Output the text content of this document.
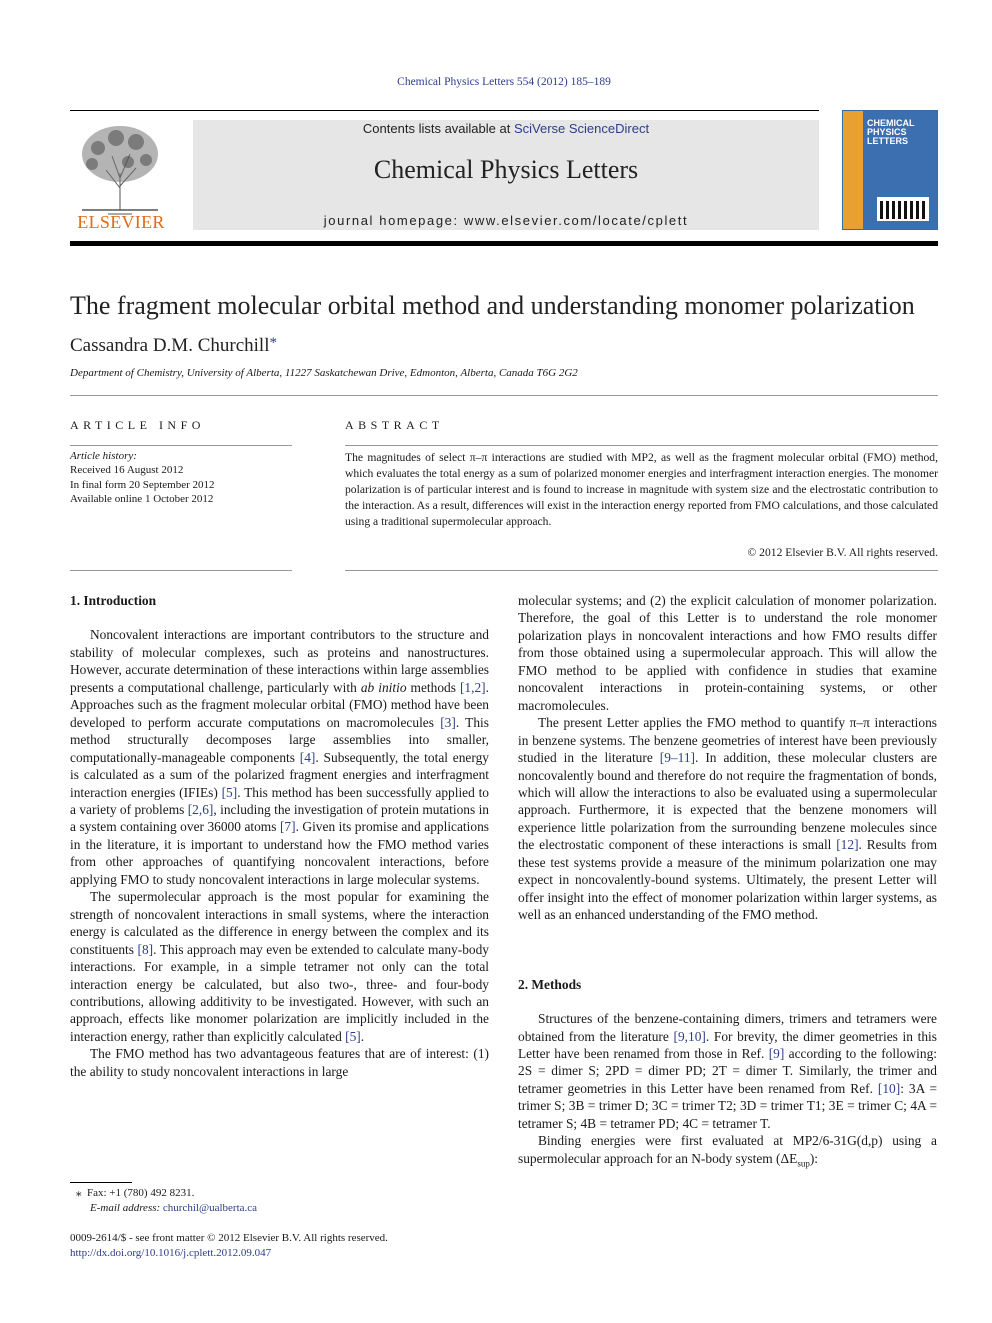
Chemical Physics Letters 554 (2012) 185–189
ELSEVIER
Contents lists available at SciVerse ScienceDirect
Chemical Physics Letters
journal homepage: www.elsevier.com/locate/cplett
CHEMICAL
PHYSICS
LETTERS
The fragment molecular orbital method and understanding monomer polarization
Cassandra D.M. Churchill*
Department of Chemistry, University of Alberta, 11227 Saskatchewan Drive, Edmonton, Alberta, Canada T6G 2G2
ARTICLE INFO	ABSTRACT
Article history:
Received 16 August 2012
In final form 20 September 2012
Available online 1 October 2012
The magnitudes of select π–π interactions are studied with MP2, as well as the fragment molecular orbital (FMO) method, which evaluates the total energy as a sum of polarized monomer energies and interfragment interaction energies. The monomer polarization is of particular interest and is found to increase in magnitude with system size and the electrostatic contribution to the interaction. As a result, differences will exist in the interaction energy reported from FMO calculations, and those calculated using a traditional supermolecular approach.
© 2012 Elsevier B.V. All rights reserved.

1. Introduction

Noncovalent interactions are important contributors to the structure and stability of molecular complexes, such as proteins and nanostructures. However, accurate determination of these interactions within large assemblies presents a computational challenge, particularly with ab initio methods [1,2]. Approaches such as the fragment molecular orbital (FMO) method have been developed to perform accurate computations on macromolecules [3]. This method structurally decomposes large assemblies into smaller, computationally-manageable components [4]. Subsequently, the total energy is calculated as a sum of the polarized fragment energies and interfragment interaction energies (IFIEs) [5]. This method has been successfully applied to a variety of problems [2,6], including the investigation of protein mutations in a system containing over 36000 atoms [7]. Given its promise and applications in the literature, it is important to understand how the FMO method varies from other approaches of quantifying noncovalent interactions, before applying FMO to study noncovalent interactions in large molecular systems.

The supermolecular approach is the most popular for examining the strength of noncovalent interactions in small systems, where the interaction energy is calculated as the difference in energy between the complex and its constituents [8]. This approach may even be extended to calculate many-body interactions. For example, in a simple tetramer not only can the total interaction energy be calculated, but also two-, three- and four-body contributions, allowing additivity to be investigated. However, with such an approach, effects like monomer polarization are implicitly included in the interaction energy, rather than explicitly calculated [5].

The FMO method has two advantageous features that are of interest: (1) the ability to study noncovalent interactions in large

molecular systems; and (2) the explicit calculation of monomer polarization. Therefore, the goal of this Letter is to understand the role monomer polarization plays in noncovalent interactions and how FMO results differ from those obtained using a supermolecular approach. This will allow the FMO method to be applied with confidence in studies that examine noncovalent interactions in protein-containing systems, or other macromolecules.

The present Letter applies the FMO method to quantify π–π interactions in benzene systems. The benzene geometries of interest have been previously studied in the literature [9–11]. In addition, these molecular clusters are noncovalently bound and therefore do not require the fragmentation of bonds, which will allow the interactions to also be evaluated using a supermolecular approach. Furthermore, it is expected that the benzene monomers will experience little polarization from the surrounding benzene molecules since the electrostatic component of these interactions is small [12]. Results from these test systems provide a measure of the minimum polarization one may expect in noncovalently-bound systems. Ultimately, the present Letter will offer insight into the effect of monomer polarization within larger systems, as well as an enhanced understanding of the FMO method.

2. Methods

Structures of the benzene-containing dimers, trimers and tetramers were obtained from the literature [9,10]. For brevity, the dimer geometries in this Letter have been renamed from those in Ref. [9] according to the following: 2S = dimer S; 2PD = dimer PD; 2T = dimer T. Similarly, the trimer and tetramer geometries in this Letter have been renamed from Ref. [10]: 3A = trimer S; 3B = trimer D; 3C = trimer T2; 3D = trimer T1; 3E = trimer C; 4A = tetramer S; 4B = tetramer PD; 4C = tetramer T.

Binding energies were first evaluated at MP2/6-31G(d,p) using a supermolecular approach for an N-body system $(\Delta E_{sup})$:

⁎  Fax: +1 (780) 492 8231.
E-mail address: churchil@ualberta.ca
0009-2614/$ - see front matter © 2012 Elsevier B.V. All rights reserved.
http://dx.doi.org/10.1016/j.cplett.2012.09.047
